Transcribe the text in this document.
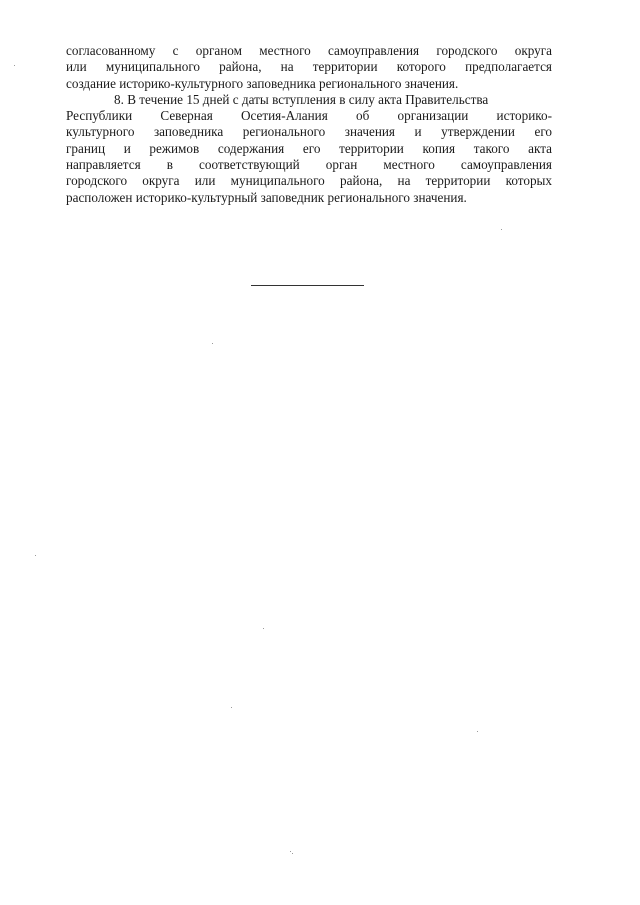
согласованному с органом местного самоуправления городского округа
или муниципального района, на территории которого предполагается
создание историко-культурного заповедника регионального значения.
8. В течение 15 дней с даты вступления в силу акта Правительства
Республики Северная Осетия-Алания об организации историко-
культурного заповедника регионального значения и утверждении его
границ и режимов содержания его территории копия такого акта
направляется в соответствующий орган местного самоуправления
городского округа или муниципального района, на территории которых
расположен историко-культурный заповедник регионального значения.
